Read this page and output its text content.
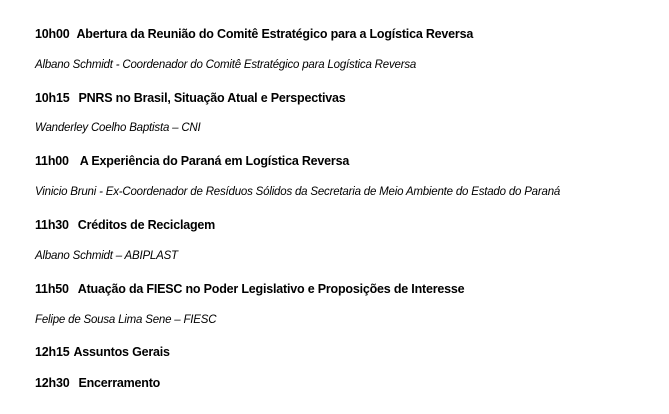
10h00 Abertura da Reunião do Comitê Estratégico para a Logística Reversa
Albano Schmidt - Coordenador do Comitê Estratégico para Logística Reversa
10h15 PNRS no Brasil, Situação Atual e Perspectivas
Wanderley Coelho Baptista – CNI
11h00 A Experiência do Paraná em Logística Reversa
Vinicio Bruni - Ex-Coordenador de Resíduos Sólidos da Secretaria de Meio Ambiente do Estado do Paraná
11h30 Créditos de Reciclagem
Albano Schmidt – ABIPLAST
11h50 Atuação da FIESC no Poder Legislativo e Proposições de Interesse
Felipe de Sousa Lima Sene – FIESC
12h15 Assuntos Gerais
12h30 Encerramento
